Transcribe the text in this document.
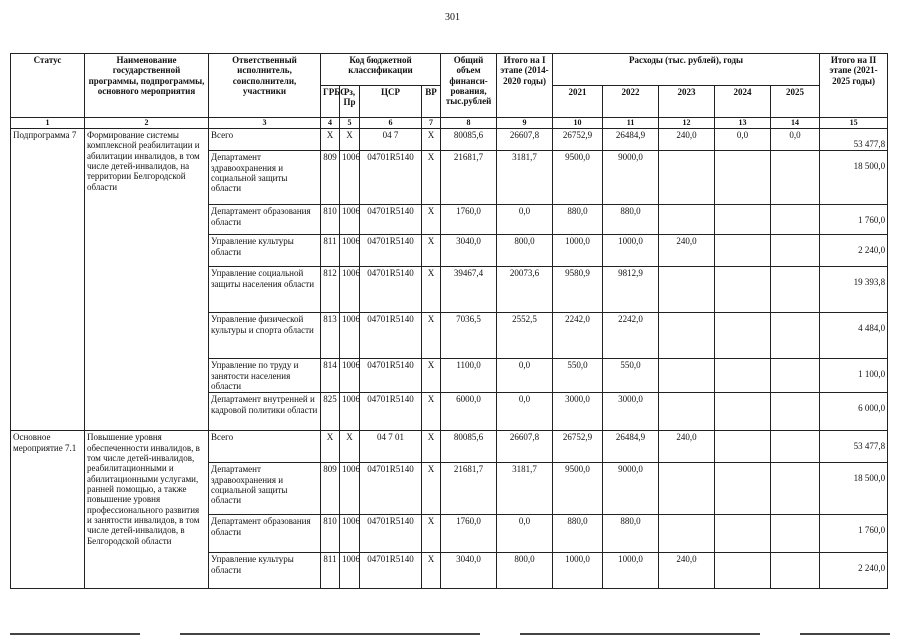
301
Статус	Наименование государственной программы, подпрограммы, основного мероприятия	Ответственный исполнитель, соисполнители, участники	Код бюджетной классификации				Общий объем финанси-рования, тыс.рублей	Итого на I этапе (2014-2020 годы)	Расходы (тыс. рублей), годы					Итого на II этапе (2021-2025 годы)
			ГРБС	Рз, Пр	ЦСР	ВР			2021	2022	2023	2024	2025	
1	2	3	4	5	6	7	8	9	10	11	12	13	14	15
Подпрограмма 7	Формирование системы комплексной реабилитации и абилитации инвалидов, в том числе детей-инвалидов, на территории Белгородской области	Всего	Х	Х	04 7	Х	80085,6	26607,8	26752,9	26484,9	240,0	0,0	0,0	53 477,8
		Департамент здравоохранения и социальной защиты области	809	1006	04701R5140	Х	21681,7	3181,7	9500,0	9000,0				18 500,0
		Департамент образования области	810	1006	04701R5140	Х	1760,0	0,0	880,0	880,0				1 760,0
		Управление культуры области	811	1006	04701R5140	Х	3040,0	800,0	1000,0	1000,0	240,0			2 240,0
		Управление социальной защиты населения области	812	1006	04701R5140	Х	39467,4	20073,6	9580,9	9812,9				19 393,8
		Управление физической культуры и спорта области	813	1006	04701R5140	Х	7036,5	2552,5	2242,0	2242,0				4 484,0
		Управление по труду и занятости населения области	814	1006	04701R5140	Х	1100,0	0,0	550,0	550,0				1 100,0
		Департамент внутренней и кадровой политики области	825	1006	04701R5140	Х	6000,0	0,0	3000,0	3000,0				6 000,0
Основное мероприятие 7.1	Повышение уровня обеспеченности инвалидов, в том числе детей-инвалидов, реабилитационными и абилитационными услугами, ранней помощью, а также повышение уровня профессионального развития и занятости инвалидов, в том числе детей-инвалидов, в Белгородской области	Всего	Х	Х	04 7 01	Х	80085,6	26607,8	26752,9	26484,9	240,0			53 477,8
		Департамент здравоохранения и социальной защиты области	809	1006	04701R5140	Х	21681,7	3181,7	9500,0	9000,0				18 500,0
		Департамент образования области	810	1006	04701R5140	Х	1760,0	0,0	880,0	880,0				1 760,0
		Управление культуры области	811	1006	04701R5140	Х	3040,0	800,0	1000,0	1000,0	240,0			2 240,0
